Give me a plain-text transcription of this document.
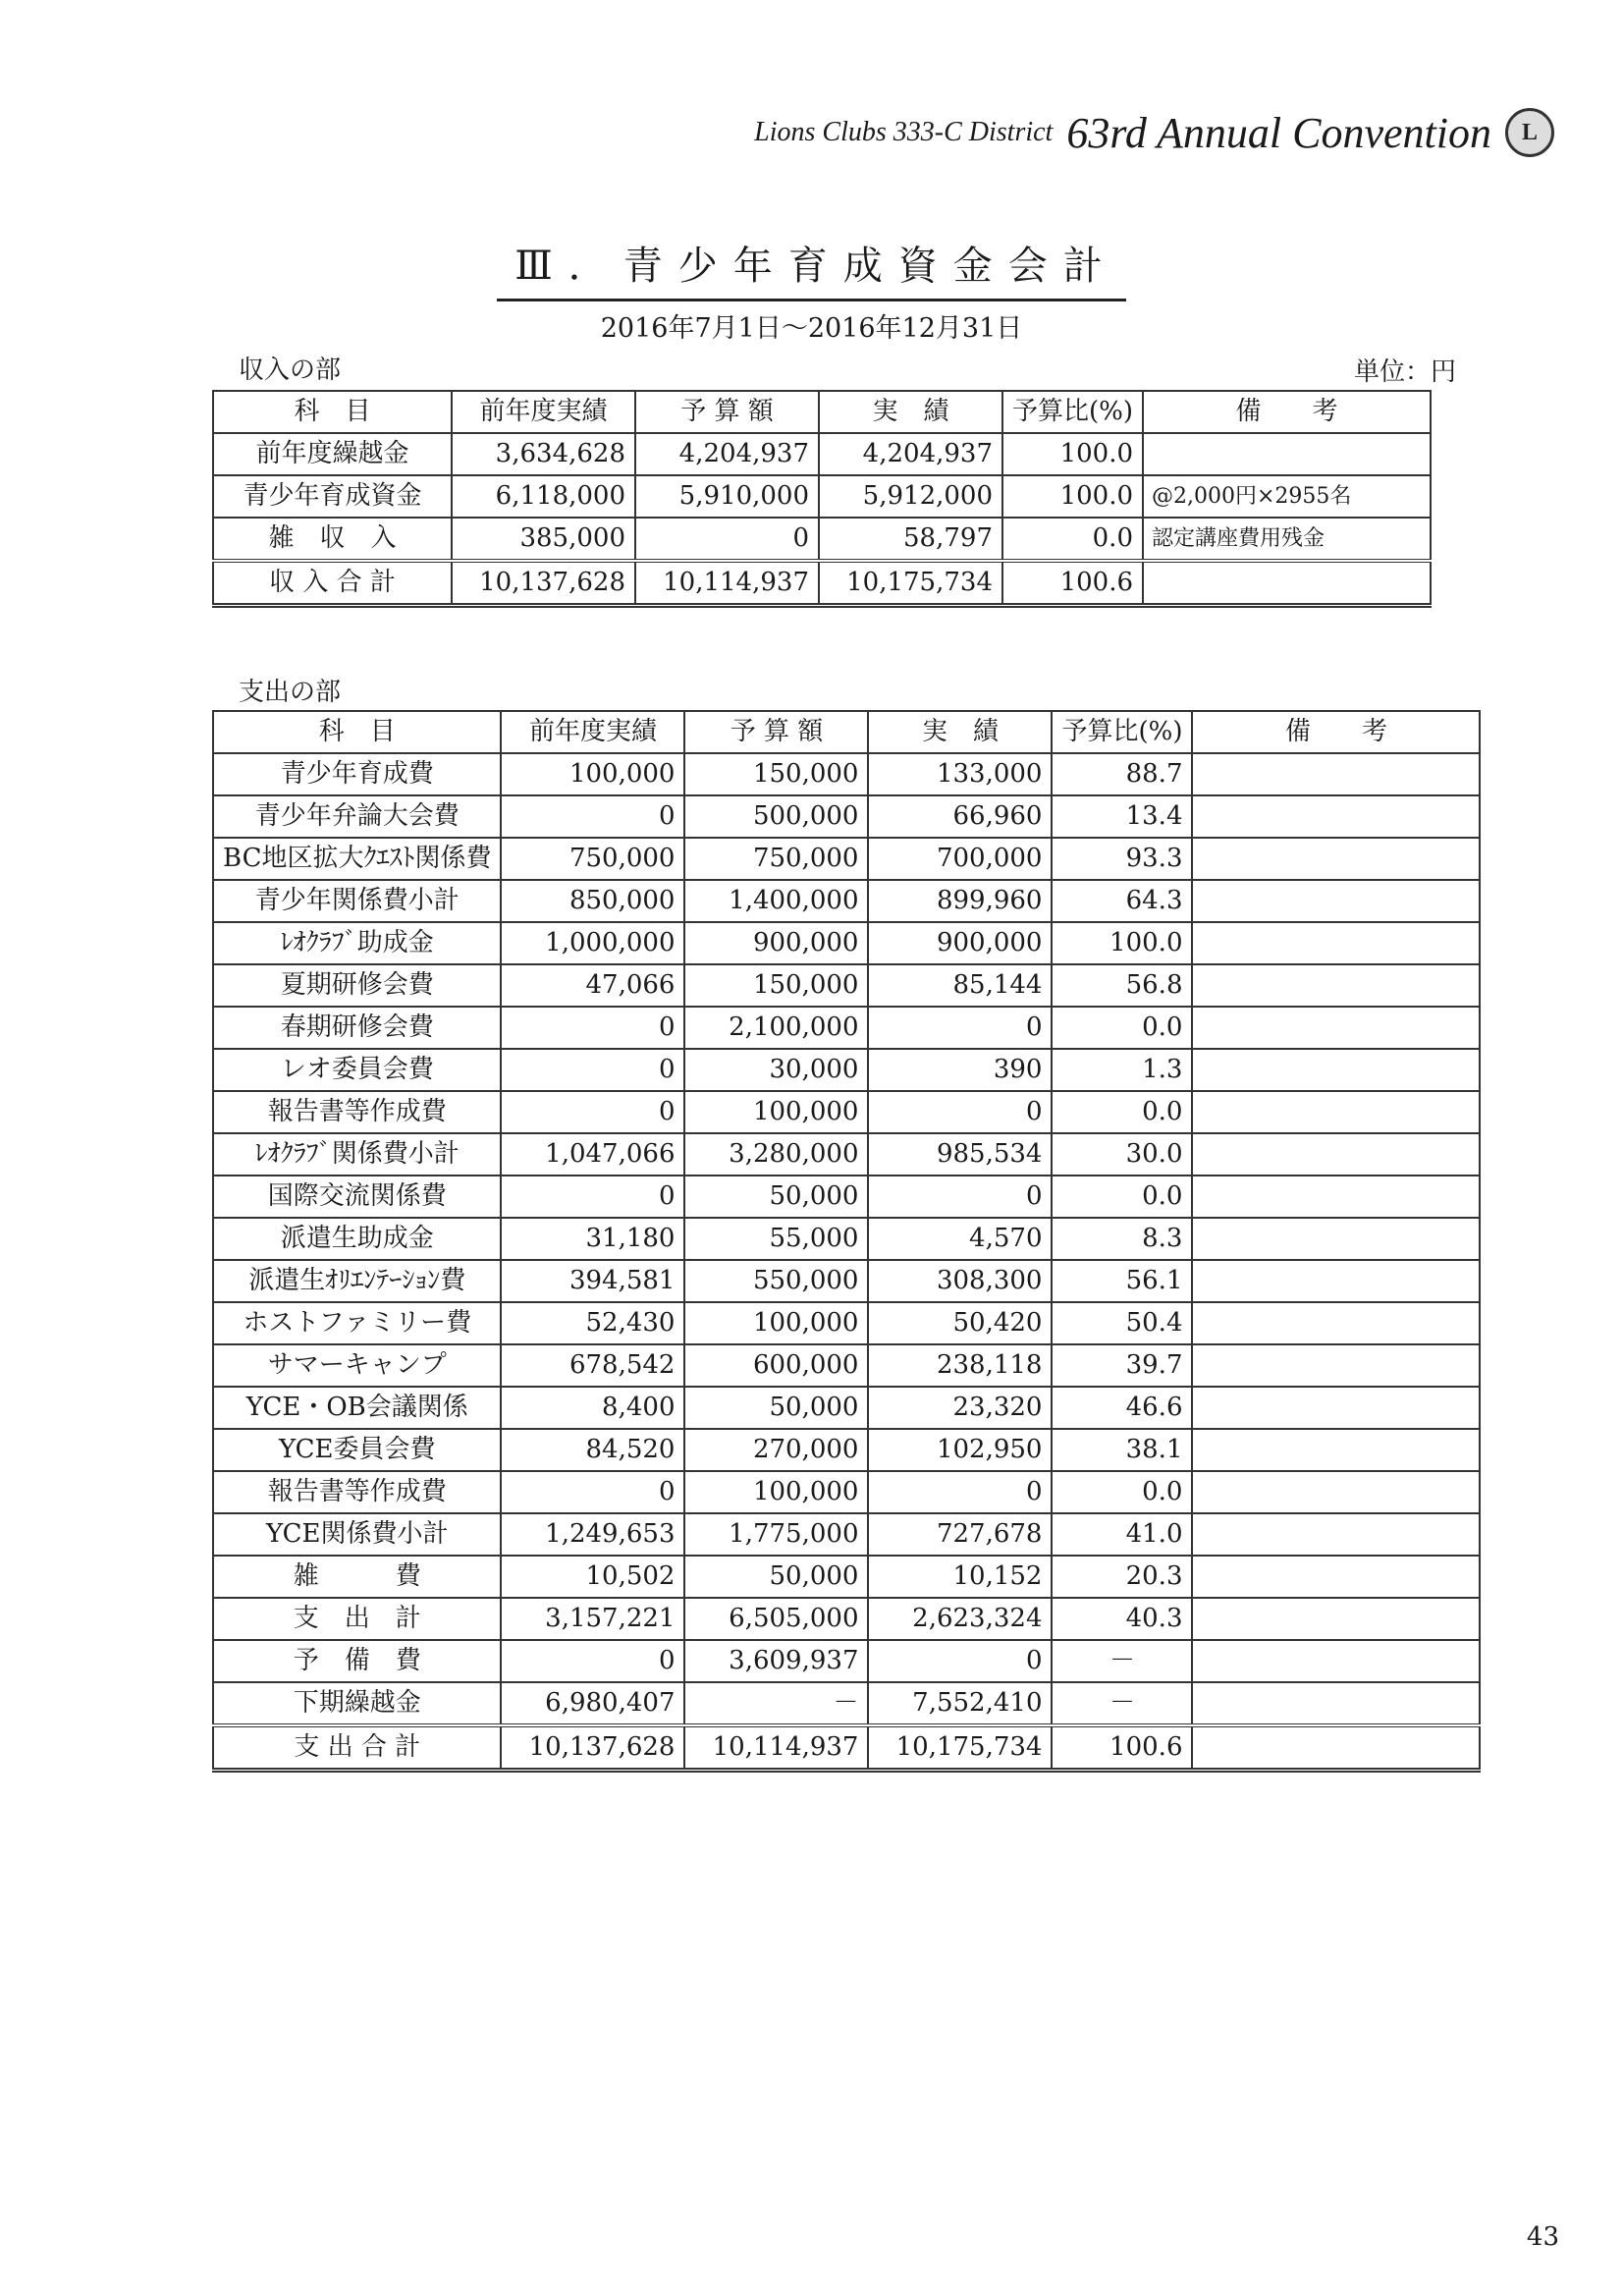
Lions Clubs 333-C District 63rd Annual Convention	L
Ⅲ．青少年育成資金会計
2016年7月1日～2016年12月31日
収入の部	単位：円
科　目	前年度実績	予 算 額	実　績	予算比(%)	備　　考
前年度繰越金	3,634,628	4,204,937	4,204,937	100.0	
青少年育成資金	6,118,000	5,910,000	5,912,000	100.0	@2,000円×2955名
雑　収　入	385,000	0	58,797	0.0	認定講座費用残金
収 入 合 計	10,137,628	10,114,937	10,175,734	100.6	
支出の部
科　目	前年度実績	予 算 額	実　績	予算比(%)	備　　考
青少年育成費	100,000	150,000	133,000	88.7	
青少年弁論大会費	0	500,000	66,960	13.4	
BC地区拡大ｸｴｽﾄ関係費	750,000	750,000	700,000	93.3	
青少年関係費小計	850,000	1,400,000	899,960	64.3	
ﾚｵｸﾗﾌﾞ助成金	1,000,000	900,000	900,000	100.0	
夏期研修会費	47,066	150,000	85,144	56.8	
春期研修会費	0	2,100,000	0	0.0	
レオ委員会費	0	30,000	390	1.3	
報告書等作成費	0	100,000	0	0.0	
ﾚｵｸﾗﾌﾞ関係費小計	1,047,066	3,280,000	985,534	30.0	
国際交流関係費	0	50,000	0	0.0	
派遣生助成金	31,180	55,000	4,570	8.3	
派遣生ｵﾘｴﾝﾃｰｼｮﾝ費	394,581	550,000	308,300	56.1	
ホストファミリー費	52,430	100,000	50,420	50.4	
サマーキャンプ	678,542	600,000	238,118	39.7	
YCE・OB会議関係	8,400	50,000	23,320	46.6	
YCE委員会費	84,520	270,000	102,950	38.1	
報告書等作成費	0	100,000	0	0.0	
YCE関係費小計	1,249,653	1,775,000	727,678	41.0	
雑　　　費	10,502	50,000	10,152	20.3	
支　出　計	3,157,221	6,505,000	2,623,324	40.3	
予　備　費	0	3,609,937	0	－	
下期繰越金	6,980,407	－	7,552,410	－	
支 出 合 計	10,137,628	10,114,937	10,175,734	100.6	
43
